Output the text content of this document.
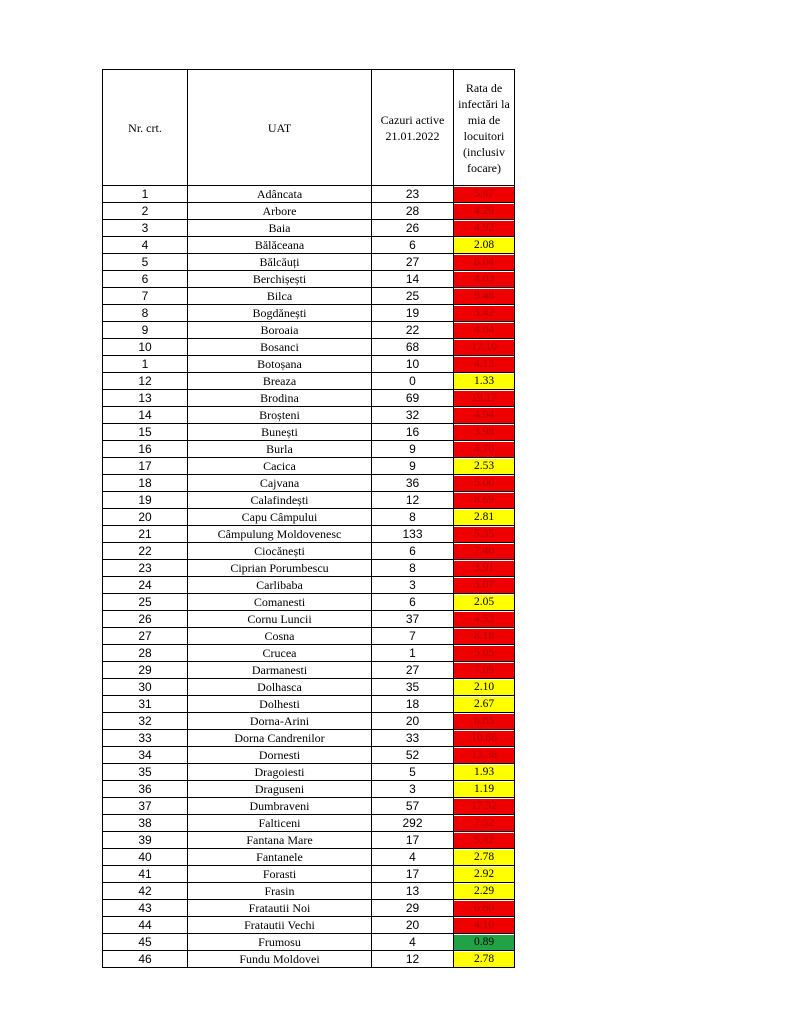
Nr. crt.	UAT	Cazuri active 21.01.2022	Rata de infectări la mia de locuitori (inclusiv focare)
1	Adâncata	23	5.47

2	Arbore	28	4.29

3	Baia	26	4.92

4	Bălăceana	6	2.08

5	Bălcăuți	27	8.04

6	Berchișești	14	4.03

7	Bilca	25	9.48

8	Bogdănești	19	3.42

9	Boroaia	22	4.04

10	Bosanci	68	17.10

1	Botoșana	10	4.13

12	Breaza	0	1.33

13	Brodina	69	19.17

14	Broșteni	32	4.94

15	Bunești	16	3.98

16	Burla	9	4.70

17	Cacica	9	2.53

18	Cajvana	36	5.00

19	Calafindești	12	8.69

20	Capu Câmpului	8	2.81

21	Câmpulung Moldovenesc	133	5.35

22	Ciocănești	6	7.40

23	Ciprian Porumbescu	8	3.91

24	Carlibaba	3	3.07

25	Comanesti	6	2.05

26	Cornu Luncii	37	4.53

27	Cosna	7	8.18

28	Crucea	1	5.05

29	Darmanesti	27	7.09

30	Dolhasca	35	2.10

31	Dolhesti	18	2.67

32	Dorna-Arini	20	6.85

33	Dorna Candrenilor	33	10.86

34	Dornesti	52	13.38

35	Dragoiesti	5	1.93

36	Draguseni	3	1.19

37	Dumbraveni	57	17.32

38	Falticeni	292	7.52

39	Fantana Mare	17	5.42

40	Fantanele	4	2.78

41	Forasti	17	2.92

42	Frasin	13	2.29

43	Fratautii Noi	29	6.80

44	Fratautii Vechi	20	4.10

45	Frumosu	4	0.89

46	Fundu Moldovei	12	2.78
